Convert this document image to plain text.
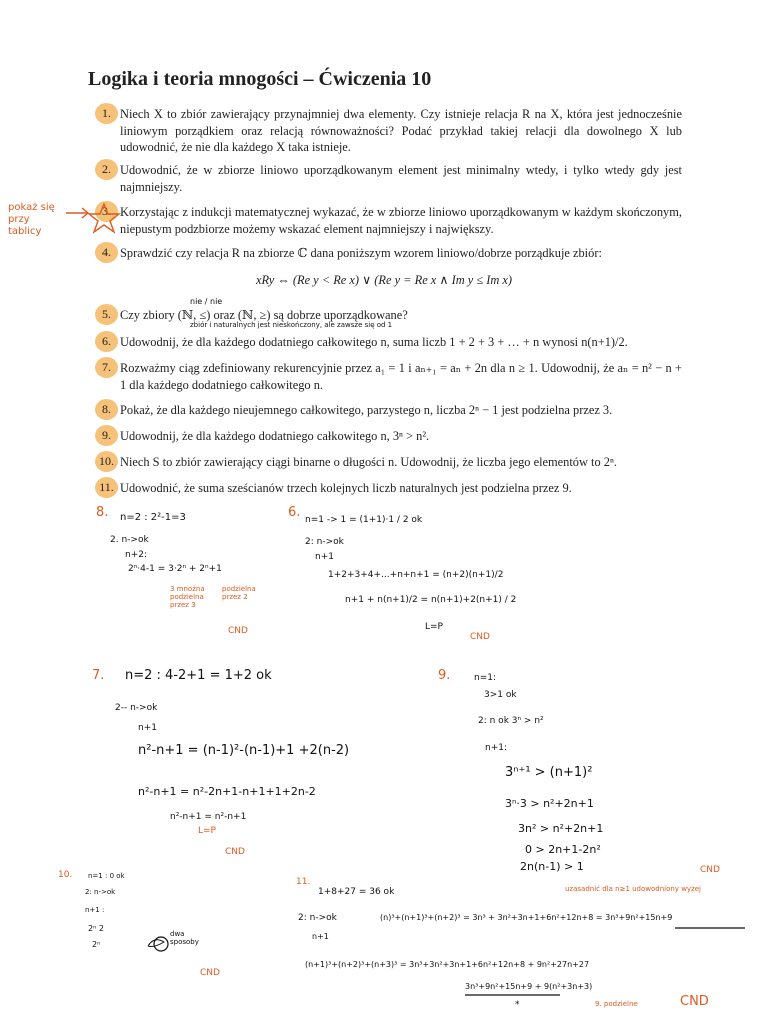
Logika i teoria mnogości – Ćwiczenia 10
1. Niech X to zbiór zawierający przynajmniej dwa elementy. Czy istnieje relacja R na X, która jest jednocześnie liniowym porządkiem oraz relacją równoważności? Podać przykład takiej relacji dla dowolnego X lub udowodnić, że nie dla każdego X taka istnieje.
2. Udowodnić, że w zbiorze liniowo uporządkowanym element jest minimalny wtedy, i tylko wtedy gdy jest najmniejszy.
3. Korzystając z indukcji matematycznej wykazać, że w zbiorze liniowo uporządkowanym w każdym skończonym, niepustym podzbiorze możemy wskazać element najmniejszy i największy.
4. Sprawdzić czy relacja R na zbiorze ℂ dana poniższym wzorem liniowo/dobrze porządkuje zbiór:
xRy ⇔ (Re y < Re x) ∨ (Re y = Re x ∧ Im y ≤ Im x)
5. Czy zbiory (ℕ, ≤) oraz (ℕ, ≥) są dobrze uporządkowane?
6. Udowodnij, że dla każdego dodatniego całkowitego n, suma liczb 1 + 2 + 3 + … + n wynosi n(n+1)/2.
7. Rozważmy ciąg zdefiniowany rekurencyjnie przez a₁ = 1 i aₙ₊₁ = aₙ + 2n dla n ≥ 1. Udowodnij, że aₙ = n² − n + 1 dla każdego dodatniego całkowitego n.
8. Pokaż, że dla każdego nieujemnego całkowitego, parzystego n, liczba 2ⁿ − 1 jest podzielna przez 3.
9. Udowodnij, że dla każdego dodatniego całkowitego n, 3ⁿ > n².
10. Niech S to zbiór zawierający ciągi binarne o długości n. Udowodnij, że liczba jego elementów to 2ⁿ.
11. Udowodnić, że suma sześcianów trzech kolejnych liczb naturalnych jest podzielna przez 9.
pokaż się przy tablicy
nie / nie
zbiór i naturalnych jest nieskończony, ale zawsze się od 1
8. n=2 : 2²-1=3
2. n->ok
n+2:
2ⁿ·4-1 = 3·2ⁿ + 2ⁿ+1
3 mnożna podzielna przez 3
podzielna przez 2
CND
6. n=1 -> 1 = (1+1)·1 / 2 ok
2: n->ok
n+1
1+2+3+4+...+n+n+1 = (n+2)(n+1)/2
n+1 + n(n+1)/2 = n(n+1)+2(n+1) / 2
L=P
CND
7. n=2 : 4-2+1 = 1+2 ok
2-- n->ok
n+1
n²-n+1 = (n-1)²-(n-1)+1 +2(n-2)
n²-n+1 = n²-2n+1-n+1+1+2n-2
n²-n+1 = n²-n+1
L=P
CND
9.	n=1:
3>1 ok
2: n ok 3ⁿ > n²
n+1:
3ⁿ⁺¹ > (n+1)²
3ⁿ·3 > n²+2n+1
3n² > n²+2n+1
0 > 2n+1-2n²
2n(n-1) > 1	CND
uzasadnić dla n≥1 udowodniony wyżej
10. n=1 : 0 ok
2: n->ok
n+1 :
2ⁿ 2
2ⁿ
dwa sposoby
CND
11.
1+8+27 = 36 ok
2: n->ok
n+1
(n)³+(n+1)³+(n+2)³ = 3n³ + 3n²+3n+1+6n²+12n+8 = 3n³+9n²+15n+9
(n+1)³+(n+2)³+(n+3)³ = 3n³+3n²+3n+1+6n²+12n+8 + 9n²+27n+27
3n³+9n²+15n+9 + 9(n²+3n+3)
CND
9. podzielne
*
